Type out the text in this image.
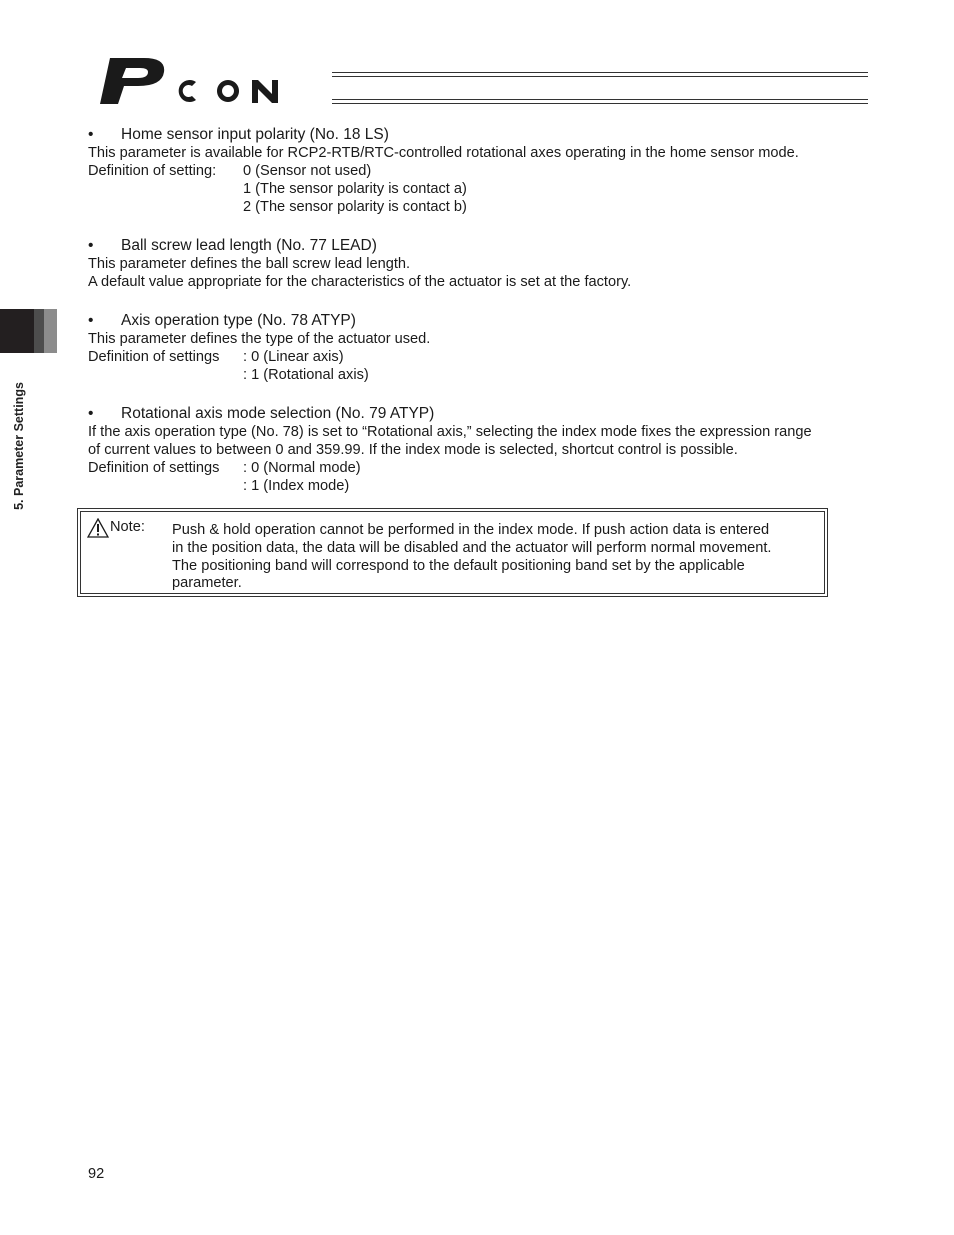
PCON
5. Parameter Settings
•	Home sensor input polarity (No. 18 LS)
This parameter is available for RCP2-RTB/RTC-controlled rotational axes operating in the home sensor mode.
Definition of setting:	0 (Sensor not used)
1 (The sensor polarity is contact a)
2 (The sensor polarity is contact b)
•	Ball screw lead length (No. 77 LEAD)
This parameter defines the ball screw lead length.
A default value appropriate for the characteristics of the actuator is set at the factory.
•	Axis operation type (No. 78 ATYP)
This parameter defines the type of the actuator used.
Definition of settings	: 0 (Linear axis)
: 1 (Rotational axis)
•	Rotational axis mode selection (No. 79 ATYP)
If the axis operation type (No. 78) is set to “Rotational axis,” selecting the index mode fixes the expression range
of current values to between 0 and 359.99. If the index mode is selected, shortcut control is possible.
Definition of settings	: 0 (Normal mode)
: 1 (Index mode)
Note: Push & hold operation cannot be performed in the index mode. If push action data is entered
in the position data, the data will be disabled and the actuator will perform normal movement.
The positioning band will correspond to the default positioning band set by the applicable
parameter.
92
